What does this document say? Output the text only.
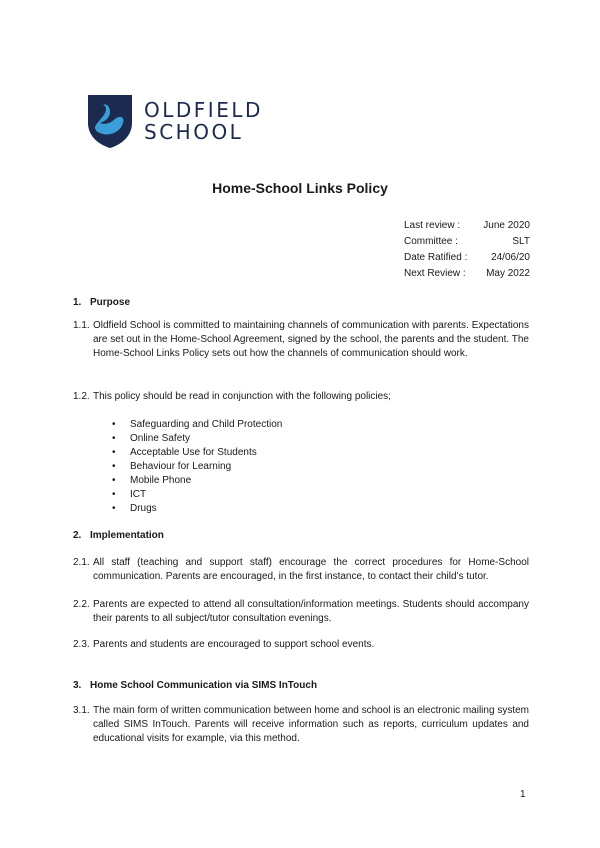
OLDFIELD
SCHOOL
Home-School Links Policy
Last review : June 2020
Committee :	SLT
Date Ratified : 24/06/20
Next Review : May 2022
1. Purpose
1.1. Oldfield School is committed to maintaining channels of communication with parents. Expectations are set out in the Home-School Agreement, signed by the school, the parents and the student. The Home-School Links Policy sets out how the channels of communication should work.
1.2. This policy should be read in conjunction with the following policies;
• Safeguarding and Child Protection
• Online Safety
• Acceptable Use for Students
• Behaviour for Learning
• Mobile Phone
• ICT
• Drugs
2. Implementation
2.1. All staff (teaching and support staff) encourage the correct procedures for Home-School communication. Parents are encouraged, in the first instance, to contact their child’s tutor.
2.2. Parents are expected to attend all consultation/information meetings. Students should accompany their parents to all subject/tutor consultation evenings.
2.3. Parents and students are encouraged to support school events.
3. Home School Communication via SIMS InTouch
3.1. The main form of written communication between home and school is an electronic mailing system called SIMS InTouch. Parents will receive information such as reports, curriculum updates and educational visits for example, via this method.
1
